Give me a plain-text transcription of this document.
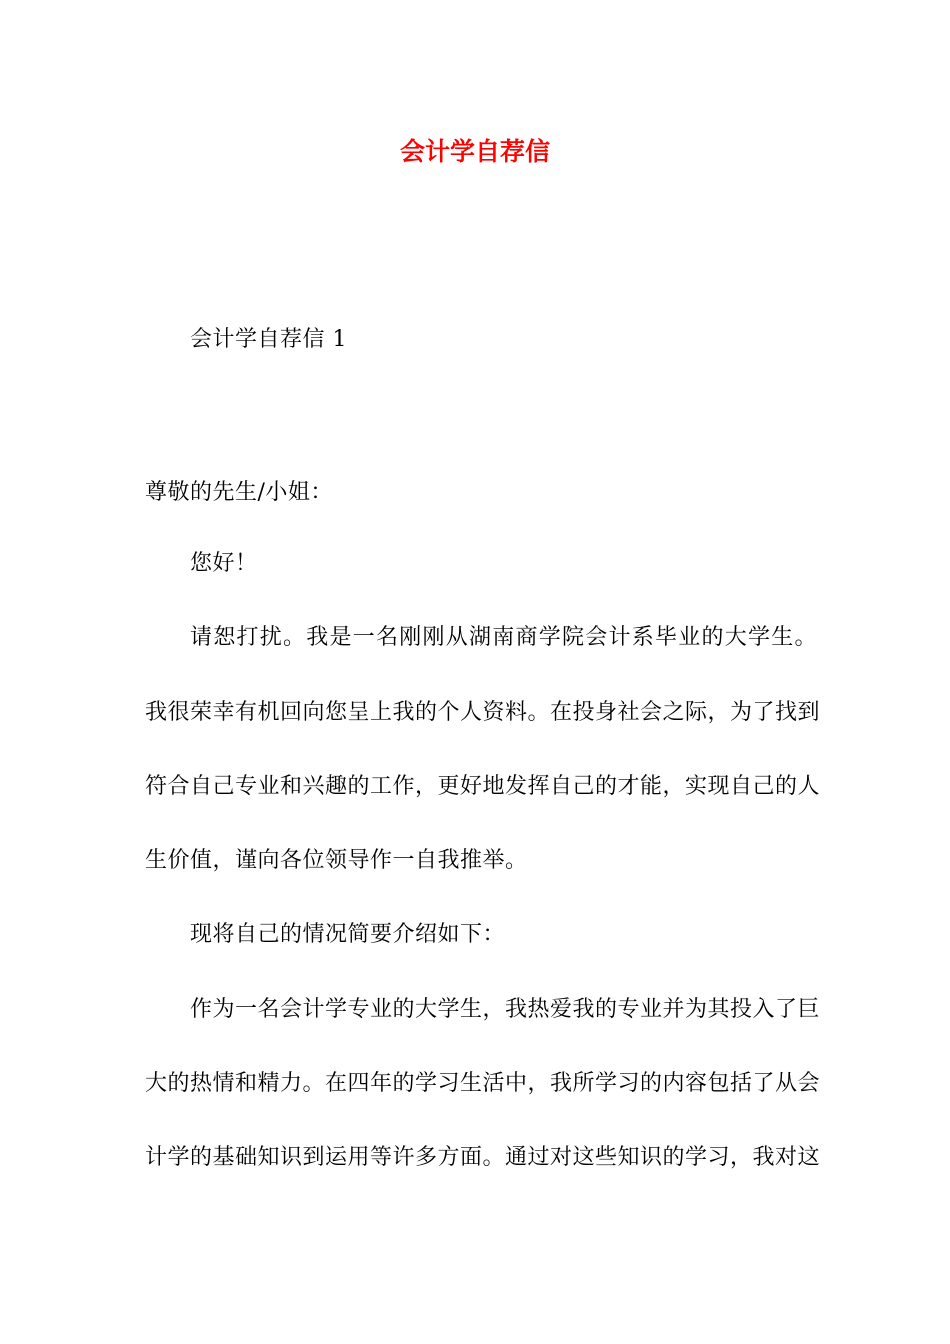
会计学自荐信
会计学自荐信 1
尊敬的先生/小姐：
您好！
请恕打扰。我是一名刚刚从湖南商学院会计系毕业的大学生。
我很荣幸有机回向您呈上我的个人资料。在投身社会之际，为了找到
符合自己专业和兴趣的工作，更好地发挥自己的才能，实现自己的人
生价值，谨向各位领导作一自我推举。
现将自己的情况简要介绍如下：
作为一名会计学专业的大学生，我热爱我的专业并为其投入了巨
大的热情和精力。在四年的学习生活中，我所学习的内容包括了从会
计学的基础知识到运用等许多方面。通过对这些知识的学习，我对这
